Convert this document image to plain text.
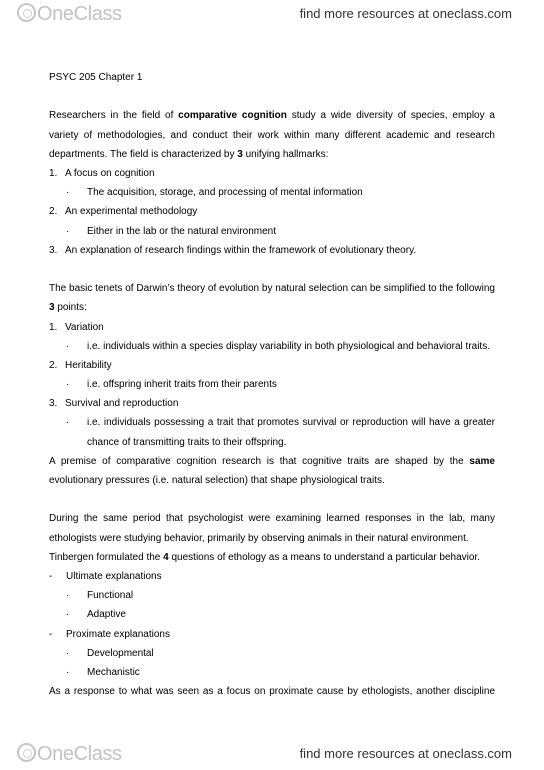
OneClass	find more resources at oneclass.com
PSYC 205 Chapter 1
Researchers in the field of comparative cognition study a wide diversity of species, employ a variety of methodologies, and conduct their work within many different academic and research departments. The field is characterized by 3 unifying hallmarks:
1. A focus on cognition
· The acquisition, storage, and processing of mental information
2. An experimental methodology
· Either in the lab or the natural environment
3. An explanation of research findings within the framework of evolutionary theory.
The basic tenets of Darwin’s theory of evolution by natural selection can be simplified to the following 3 points:
1. Variation
· i.e. individuals within a species display variability in both physiological and behavioral traits.
2. Heritability
· i.e. offspring inherit traits from their parents
3. Survival and reproduction
· i.e. individuals possessing a trait that promotes survival or reproduction will have a greater chance of transmitting traits to their offspring.
A premise of comparative cognition research is that cognitive traits are shaped by the same evolutionary pressures (i.e. natural selection) that shape physiological traits.
During the same period that psychologist were examining learned responses in the lab, many ethologists were studying behavior, primarily by observing animals in their natural environment.
Tinbergen formulated the 4 questions of ethology as a means to understand a particular behavior.
- Ultimate explanations
· Functional
· Adaptive
- Proximate explanations
· Developmental
· Mechanistic
As a response to what was seen as a focus on proximate cause by ethologists, another discipline
OneClass	find more resources at oneclass.com
